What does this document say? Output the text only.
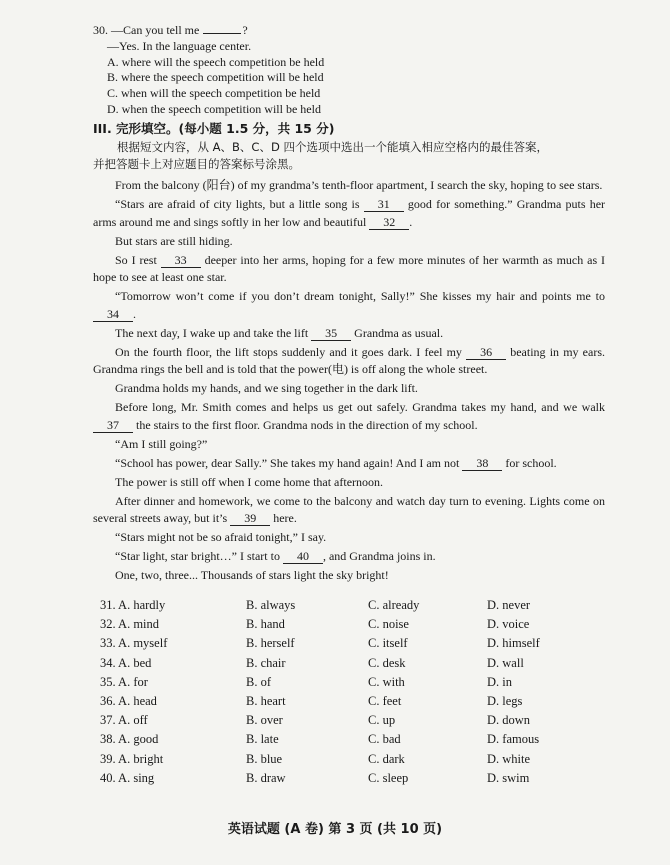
30. —Can you tell me	?
—Yes. In the language center.
A. where will the speech competition be held
B. where the speech competition will be held
C. when will the speech competition be held
D. when the speech competition will be held
III. 完形填空。(每小题 1.5 分，共 15 分)
根据短文内容，从 A、B、C、D 四个选项中选出一个能填入相应空格内的最佳答案，
并把答题卡上对应题目的答案标号涂黑。

From the balcony (阳台) of my grandma’s tenth-floor apartment, I search the sky, hoping to see stars.

“Stars are afraid of city lights, but a little song is 31 good for something.” Grandma puts her arms around me and sings softly in her low and beautiful 32 .

But stars are still hiding.

So I rest 33 deeper into her arms, hoping for a few more minutes of her warmth as much as I hope to see at least one star.

“Tomorrow won’t come if you don’t dream tonight, Sally!” She kisses my hair and points me to 34 .

The next day, I wake up and take the lift 35 Grandma as usual.

On the fourth floor, the lift stops suddenly and it goes dark. I feel my 36 beating in my ears. Grandma rings the bell and is told that the power(电) is off along the whole street.

Grandma holds my hands, and we sing together in the dark lift.

Before long, Mr. Smith comes and helps us get out safely. Grandma takes my hand, and we walk 37 the stairs to the first floor. Grandma nods in the direction of my school.

“Am I still going?”

“School has power, dear Sally.” She takes my hand again! And I am not 38 for school.

The power is still off when I come home that afternoon.

After dinner and homework, we come to the balcony and watch day turn to evening. Lights come on several streets away, but it’s 39 here.

“Stars might not be so afraid tonight,” I say.

“Star light, star bright…” I start to 40 , and Grandma joins in.

One, two, three... Thousands of stars light the sky bright!

31. A. hardly	B. always	C. already	D. never
32. A. mind	B. hand	C. noise	D. voice
33. A. myself	B. herself	C. itself	D. himself
34. A. bed	B. chair	C. desk	D. wall
35. A. for	B. of	C. with	D. in
36. A. head	B. heart	C. feet	D. legs
37. A. off	B. over	C. up	D. down
38. A. good	B. late	C. bad	D. famous
39. A. bright	B. blue	C. dark	D. white
40. A. sing	B. draw	C. sleep	D. swim
英语试题 (A 卷) 第 3 页 (共 10 页)
